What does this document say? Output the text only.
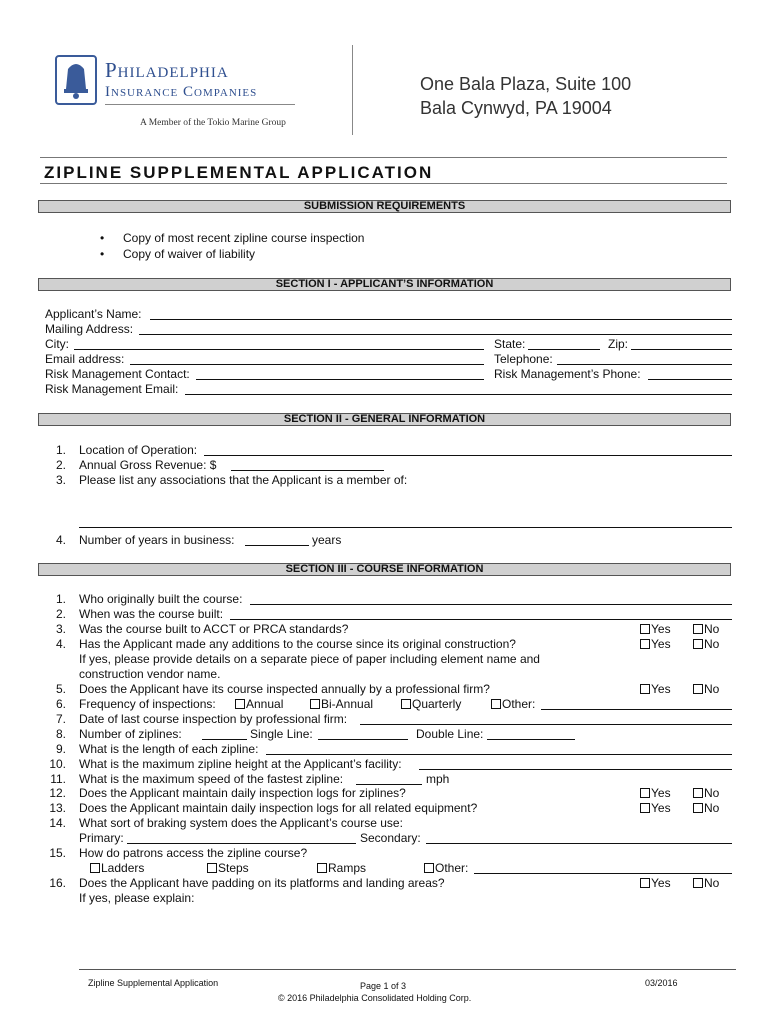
Philadelphia
Insurance Companies
A Member of the Tokio Marine Group
One Bala Plaza, Suite 100
Bala Cynwyd, PA 19004
ZIPLINE SUPPLEMENTAL APPLICATION
SUBMISSION REQUIREMENTS
• Copy of most recent zipline course inspection
• Copy of waiver of liability
SECTION I - APPLICANT’S INFORMATION
Applicant’s Name:
Mailing Address:
City:	State:	Zip:
Email address:	Telephone:
Risk Management Contact:	Risk Management’s Phone:
Risk Management Email:
SECTION II - GENERAL INFORMATION
1. Location of Operation:
2. Annual Gross Revenue: $
3. Please list any associations that the Applicant is a member of:
4. Number of years in business:	years
SECTION III - COURSE INFORMATION
1. Who originally built the course:
2. When was the course built:
3. Was the course built to ACCT or PRCA standards?	Yes	No
4. Has the Applicant made any additions to the course since its original construction?	Yes	No
If yes, please provide details on a separate piece of paper including element name and
construction vendor name.
5. Does the Applicant have its course inspected annually by a professional firm?	Yes	No
6. Frequency of inspections:	Annual	Bi-Annual	Quarterly	Other:
7. Date of last course inspection by professional firm:
8. Number of ziplines:	Single Line:	Double Line:
9. What is the length of each zipline:
10. What is the maximum zipline height at the Applicant’s facility:
11. What is the maximum speed of the fastest zipline:	mph
12. Does the Applicant maintain daily inspection logs for ziplines?	Yes	No
13. Does the Applicant maintain daily inspection logs for all related equipment?	Yes	No
14. What sort of braking system does the Applicant’s course use:
Primary:	Secondary:
15. How do patrons access the zipline course?
Ladders	Steps	Ramps	Other:
16. Does the Applicant have padding on its platforms and landing areas?	Yes	No
If yes, please explain:
Zipline Supplemental Application	Page 1 of 3
© 2016 Philadelphia Consolidated Holding Corp.
03/2016
